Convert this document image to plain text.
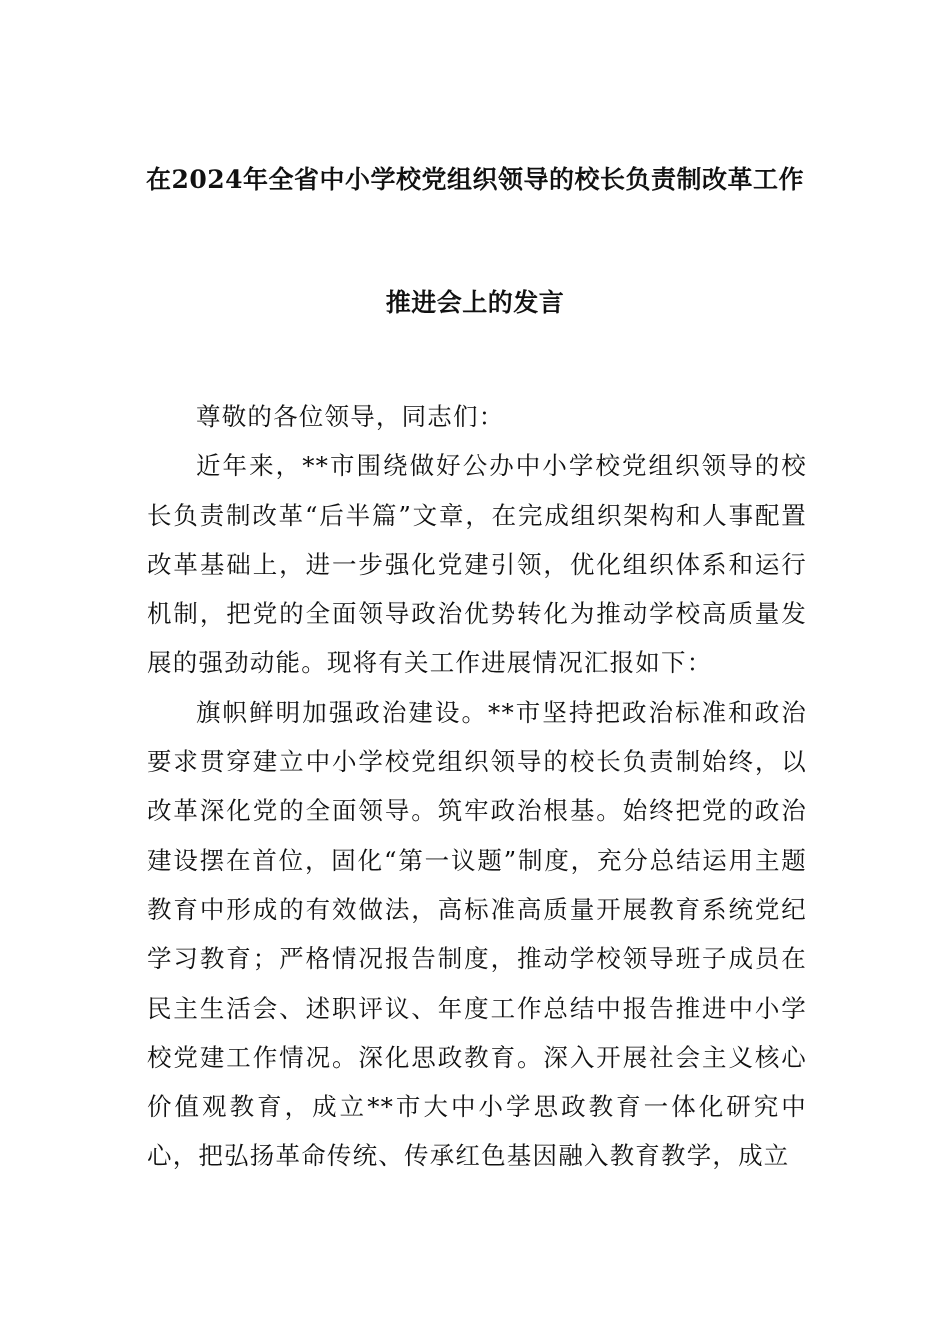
在2024年全省中小学校党组织领导的校长负责制改革工作
推进会上的发言

尊敬的各位领导，同志们：

近年来，**市围绕做好公办中小学校党组织领导的校长负责制改革“后半篇”文章，在完成组织架构和人事配置改革基础上，进一步强化党建引领，优化组织体系和运行机制，把党的全面领导政治优势转化为推动学校高质量发展的强劲动能。现将有关工作进展情况汇报如下：

旗帜鲜明加强政治建设。**市坚持把政治标准和政治要求贯穿建立中小学校党组织领导的校长负责制始终，以改革深化党的全面领导。筑牢政治根基。始终把党的政治建设摆在首位，固化“第一议题”制度，充分总结运用主题教育中形成的有效做法，高标准高质量开展教育系统党纪学习教育；严格情况报告制度，推动学校领导班子成员在民主生活会、述职评议、年度工作总结中报告推进中小学校党建工作情况。深化思政教育。深入开展社会主义核心价值观教育，成立**市大中小学思政教育一体化研究中心，把弘扬革命传统、传承红色基因融入教育教学，成立
